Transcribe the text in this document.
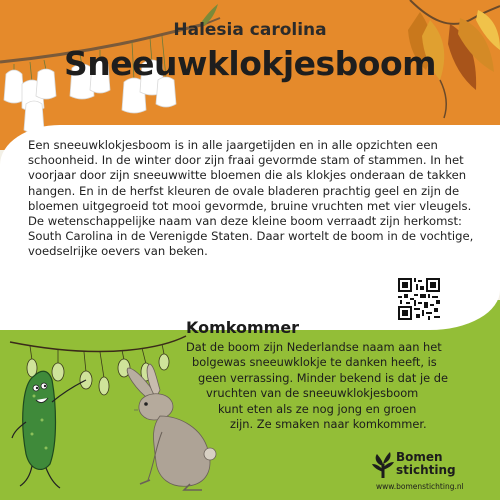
Halesia carolina
Sneeuwklokjesboom

Een sneeuwklokjesboom is in alle jaargetijden en in alle opzichten een schoonheid. In de winter door zijn fraai gevormde stam of stammen. In het voorjaar door zijn sneeuwwitte bloemen die als klokjes onderaan de takken hangen. En in de herfst kleuren de ovale bladeren prachtig geel en zijn de bloemen uitgegroeid tot mooi gevormde, bruine vruchten met vier vleugels.

De wetenschappelijke naam van deze kleine boom verraadt zijn herkomst: South Carolina in de Verenigde Staten. Daar wortelt de boom in de vochtige, voedselrijke oevers van beken.

Komkommer
Dat de boom zijn Nederlandse naam aan het
bolgewas sneeuwklokje te danken heeft, is
geen verrassing. Minder bekend is dat je de
vruchten van de sneeuwklokjesboom
kunt eten als ze nog jong en groen
zijn. Ze smaken naar komkommer.
Bomen
stichting
www.bomenstichting.nl
